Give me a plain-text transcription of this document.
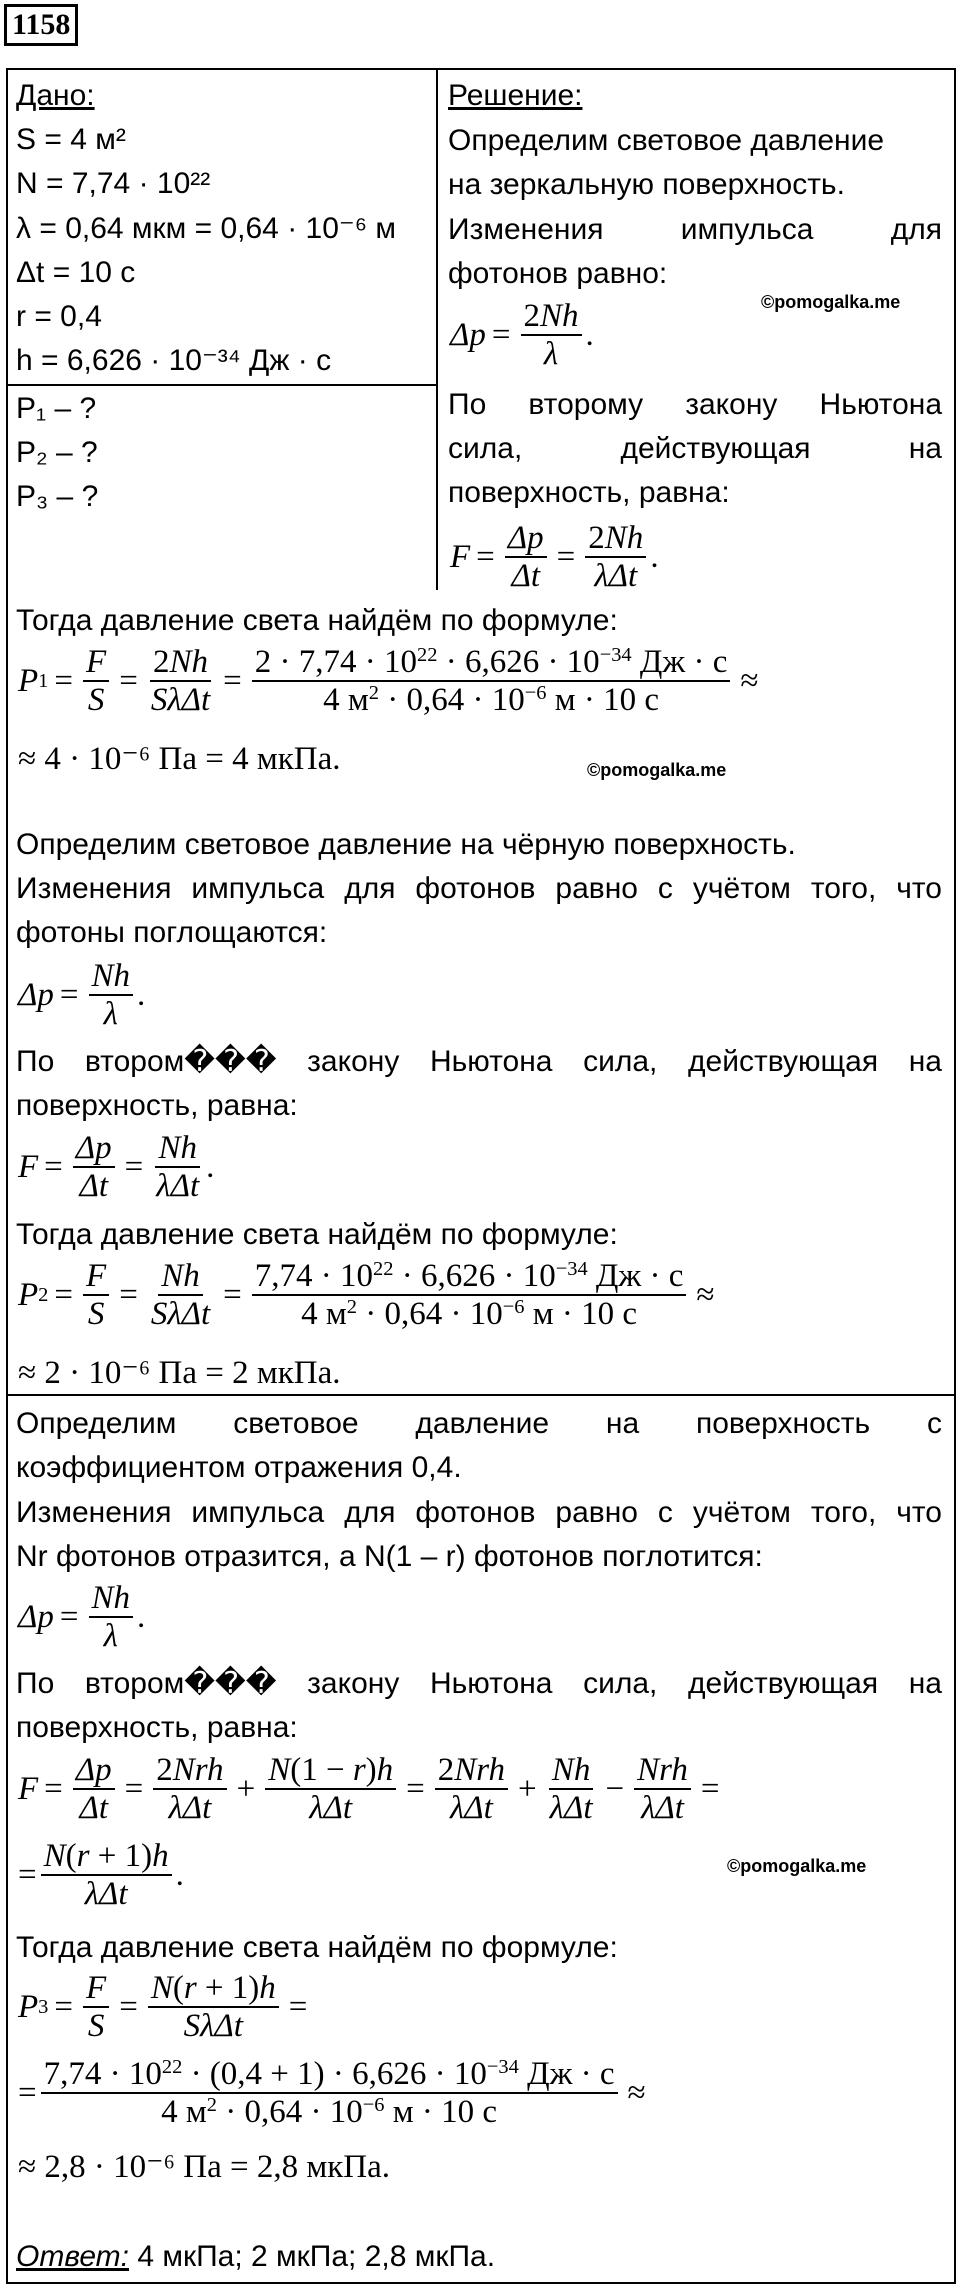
1158
Дано:
S = 4 м²
N = 7,74 · 10²²
λ = 0,64 мкм = 0,64 · 10⁻⁶ м
Δt = 10 с
r = 0,4
h = 6,626 · 10⁻³⁴ Дж · с
P₁ – ?
P₂ – ?
P₃ – ?
Решение:
Определим световое давление
на зеркальную поверхность.
Изменения импульса для
фотонов равно:
©pomogalka.me
$\Delta p = \frac{2Nh}{\lambda}$ .
По второму закону Ньютона
сила, действующая на
поверхность, равна:
$F = \frac{\Delta p}{\Delta t} = \frac{2Nh}{\text{λΔt}}$ .
Тогда давление света найдём по формуле:
P $1 = \frac{F}{S} = \frac{2Nh}{\text{SλΔt}} = \frac{2 \cdot 7,74 \cdot 10^{22} \cdot 6,626 \cdot 10^{-34} Дж \cdot с}{4 м^2 \cdot 0,64 \cdot 10^{-6} м \cdot 10 с}$ ≈
≈ 4 · 10⁻⁶ Па = 4 мкПа.	©pomogalka.me
Определим световое давление на чёрную поверхность.
Изменения импульса для фотонов равно с учётом того, что
фотоны поглощаются:
$\Delta p = \frac{Nh}{\lambda}$ .
По втором��� закону Ньютона сила, действующая на
поверхность, равна:
$F = \frac{\Delta p}{\Delta t} = \frac{Nh}{\text{λΔt}}$ .
Тогда давление света найдём по формуле:
P $2 = \frac{F}{S} = \frac{Nh}{\text{SλΔt}} = \frac{7,74 \cdot 10^{22} \cdot 6,626 \cdot 10^{-34} Дж \cdot с}{4 м^2 \cdot 0,64 \cdot 10^{-6} м \cdot 10 с}$ ≈
≈ 2 · 10⁻⁶ Па = 2 мкПа.
Определим световое давление на поверхность с
коэффициентом отражения 0,4.
Изменения импульса для фотонов равно с учётом того, что
Nr фотонов отразится, а N(1 – r) фотонов поглотится:
$\Delta p = \frac{Nh}{\lambda}$ .
По втором��� закону Ньютона сила, действующая на
поверхность, равна:
$F = \frac{\Delta p}{\Delta t} = \frac{\text{2Nrh}}{\text{λΔt}} + \frac{N(1 - r)h}{\text{λΔt}} = \frac{\text{2Nrh}}{\text{λΔt}} + \frac{Nh}{\text{λΔt}} - \frac{\text{Nrh}}{\text{λΔt}}$ =
= $\frac{N(r + 1)h}{\text{λΔt}}$ .	©pomogalka.me
Тогда давление света найдём по формуле:
P $3 = \frac{F}{S} = \frac{N(r + 1)h}{\text{SλΔt}}$ =
= $\frac{7,74 \cdot 10^{22} \cdot (0,4 + 1) \cdot 6,626 \cdot 10^{-34} Дж \cdot с}{4 м^2 \cdot 0,64 \cdot 10^{-6} м \cdot 10 с}$ ≈
≈ 2,8 · 10⁻⁶ Па = 2,8 мкПа.
Ответ: 4 мкПа; 2 мкПа; 2,8 мкПа.
